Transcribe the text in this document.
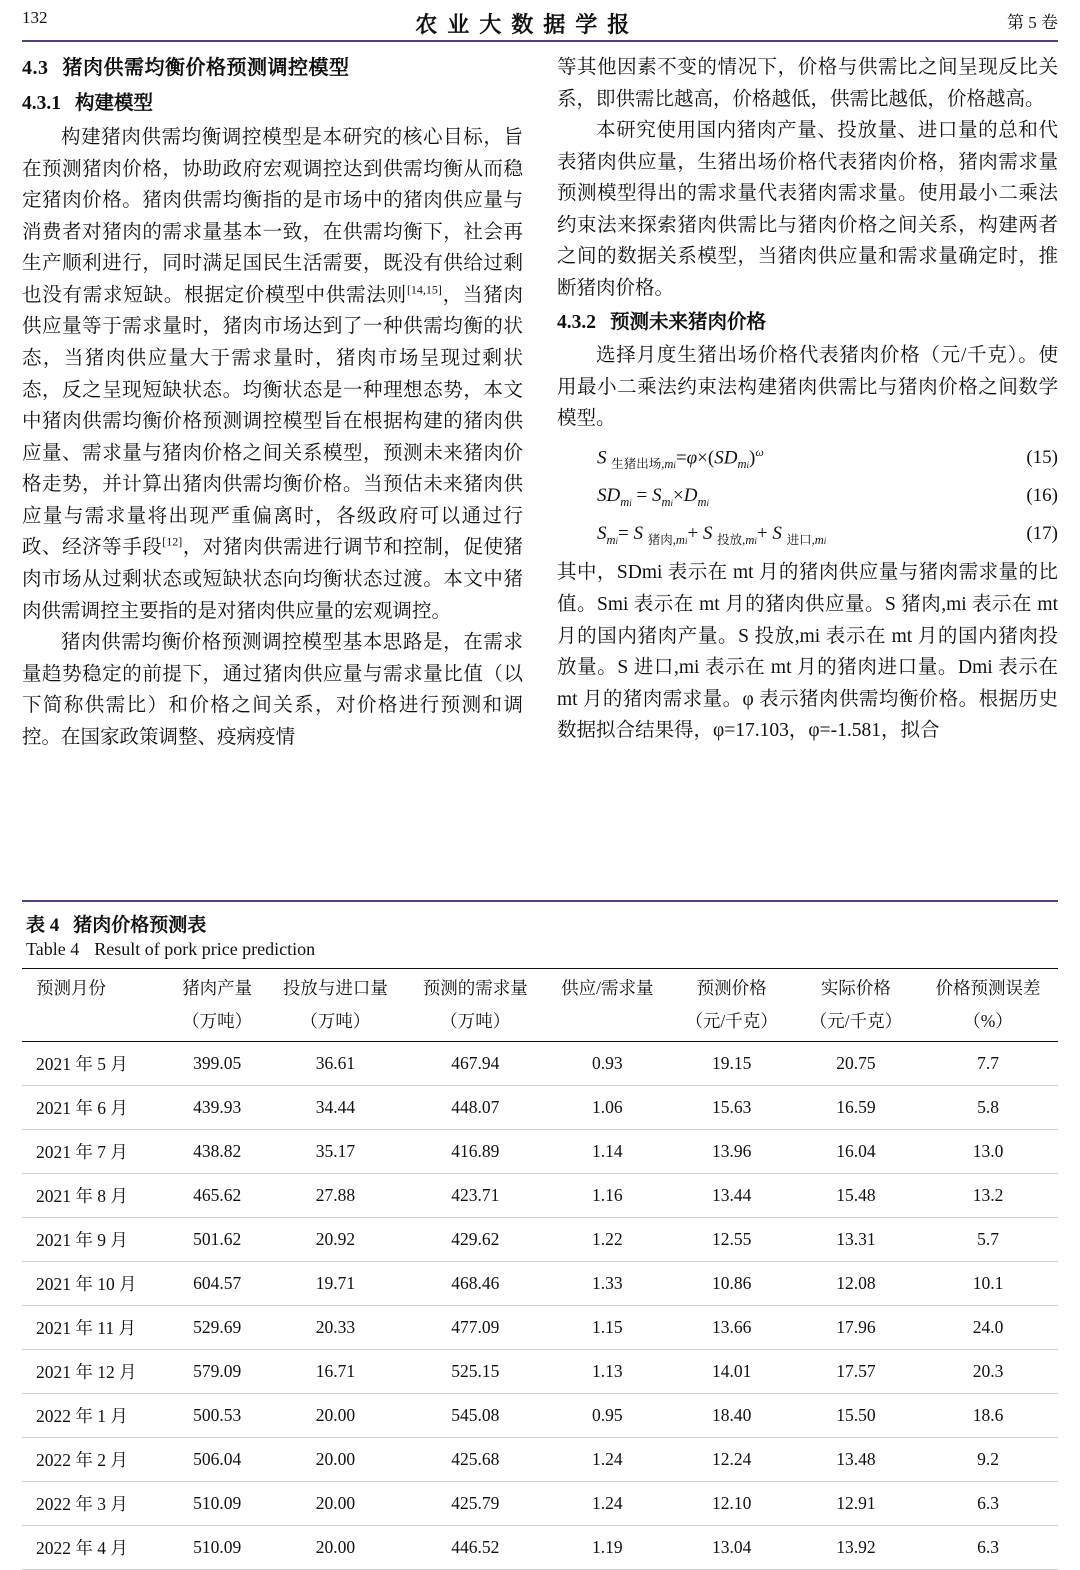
132	农业大数据学报	第 5 卷
4.3 猪肉供需均衡价格预测调控模型
4.3.1 构建模型

构建猪肉供需均衡调控模型是本研究的核心目标，旨在预测猪肉价格，协助政府宏观调控达到供需均衡从而稳定猪肉价格。猪肉供需均衡指的是市场中的猪肉供应量与消费者对猪肉的需求量基本一致，在供需均衡下，社会再生产顺利进行，同时满足国民生活需要，既没有供给过剩也没有需求短缺。根据定价模型中供需法则[14,15]，当猪肉供应量等于需求量时，猪肉市场达到了一种供需均衡的状态，当猪肉供应量大于需求量时，猪肉市场呈现过剩状态，反之呈现短缺状态。均衡状态是一种理想态势，本文中猪肉供需均衡价格预测调控模型旨在根据构建的猪肉供应量、需求量与猪肉价格之间关系模型，预测未来猪肉价格走势，并计算出猪肉供需均衡价格。当预估未来猪肉供应量与需求量将出现严重偏离时，各级政府可以通过行政、经济等手段[12]，对猪肉供需进行调节和控制，促使猪肉市场从过剩状态或短缺状态向均衡状态过渡。本文中猪肉供需调控主要指的是对猪肉供应量的宏观调控。

猪肉供需均衡价格预测调控模型基本思路是，在需求量趋势稳定的前提下，通过猪肉供应量与需求量比值（以下简称供需比）和价格之间关系，对价格进行预测和调控。在国家政策调整、疫病疫情

等其他因素不变的情况下，价格与供需比之间呈现反比关系，即供需比越高，价格越低，供需比越低，价格越高。

本研究使用国内猪肉产量、投放量、进口量的总和代表猪肉供应量，生猪出场价格代表猪肉价格，猪肉需求量预测模型得出的需求量代表猪肉需求量。使用最小二乘法约束法来探索猪肉供需比与猪肉价格之间关系，构建两者之间的数据关系模型，当猪肉供应量和需求量确定时，推断猪肉价格。

4.3.2 预测未来猪肉价格

选择月度生猪出场价格代表猪肉价格（元/千克）。使用最小二乘法约束法构建猪肉供需比与猪肉价格之间数学模型。

S $_{生猪出场,mi}=\varphi\times(SD_{mi})^\omega$	(15)
$SD_{mi} = S_{mi}\times D_{mi}$	(16)
$S_{mi}= S$ $_{猪肉,mi}$+ S $_{投放,mi}$+ S $_{进口,mi}$	(17)

其中，SDmi 表示在 mt 月的猪肉供应量与猪肉需求量的比值。Smi 表示在 mt 月的猪肉供应量。S 猪肉,mi 表示在 mt 月的国内猪肉产量。S 投放,mi 表示在 mt 月的国内猪肉投放量。S 进口,mi 表示在 mt 月的猪肉进口量。Dmi 表示在 mt 月的猪肉需求量。φ 表示猪肉供需均衡价格。根据历史数据拟合结果得，φ=17.103，φ=-1.581，拟合

表 4 猪肉价格预测表
Table 4 Result of pork price prediction
预测月份	猪肉产量	投放与进口量	预测的需求量	供应/需求量	预测价格	实际价格	价格预测误差
	（万吨）	（万吨）	（万吨）		（元/千克）	（元/千克）	（%）
2021 年 5 月	399.05	36.61	467.94	0.93	19.15	20.75	7.7
2021 年 6 月	439.93	34.44	448.07	1.06	15.63	16.59	5.8
2021 年 7 月	438.82	35.17	416.89	1.14	13.96	16.04	13.0
2021 年 8 月	465.62	27.88	423.71	1.16	13.44	15.48	13.2
2021 年 9 月	501.62	20.92	429.62	1.22	12.55	13.31	5.7
2021 年 10 月	604.57	19.71	468.46	1.33	10.86	12.08	10.1
2021 年 11 月	529.69	20.33	477.09	1.15	13.66	17.96	24.0
2021 年 12 月	579.09	16.71	525.15	1.13	14.01	17.57	20.3
2022 年 1 月	500.53	20.00	545.08	0.95	18.40	15.50	18.6
2022 年 2 月	506.04	20.00	425.68	1.24	12.24	13.48	9.2
2022 年 3 月	510.09	20.00	425.79	1.24	12.10	12.91	6.3
2022 年 4 月	510.09	20.00	446.52	1.19	13.04	13.92	6.3
